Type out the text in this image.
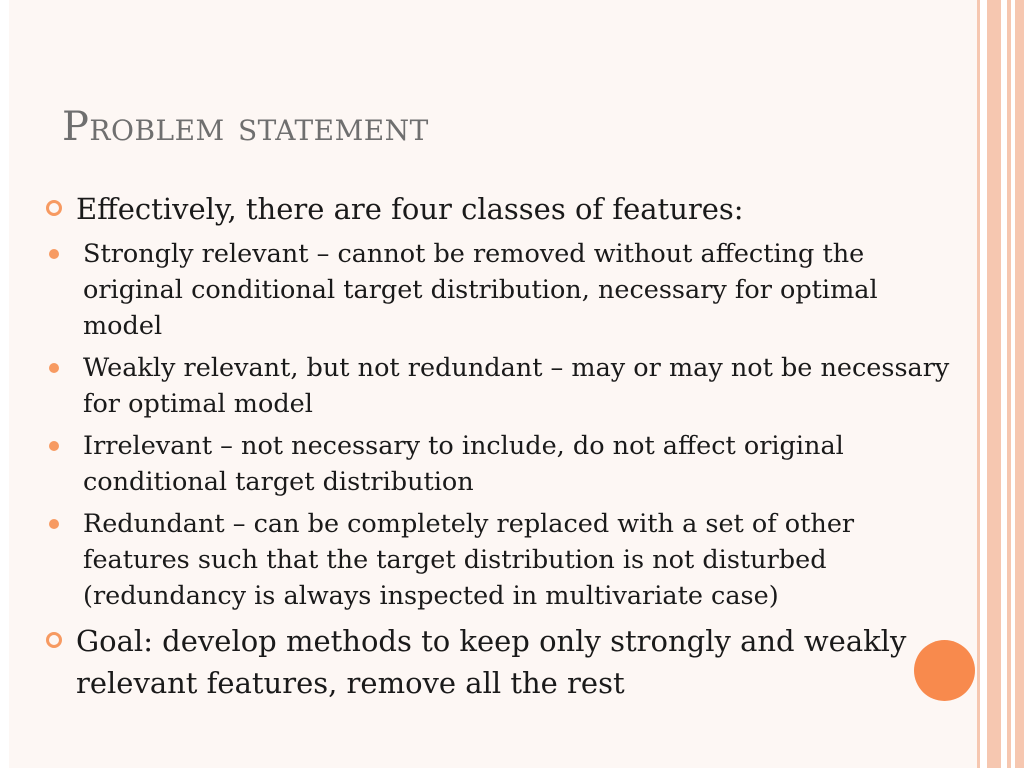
Problem statement
Effectively, there are four classes of features:
Strongly relevant – cannot be removed without affecting the original conditional target distribution, necessary for optimal model
Weakly relevant, but not redundant – may or may not be necessary for optimal model
Irrelevant – not necessary to include, do not affect original conditional target distribution
Redundant – can be completely replaced with a set of other features such that the target distribution is not disturbed (redundancy is always inspected in multivariate case)
Goal: develop methods to keep only strongly and weakly relevant features, remove all the rest
